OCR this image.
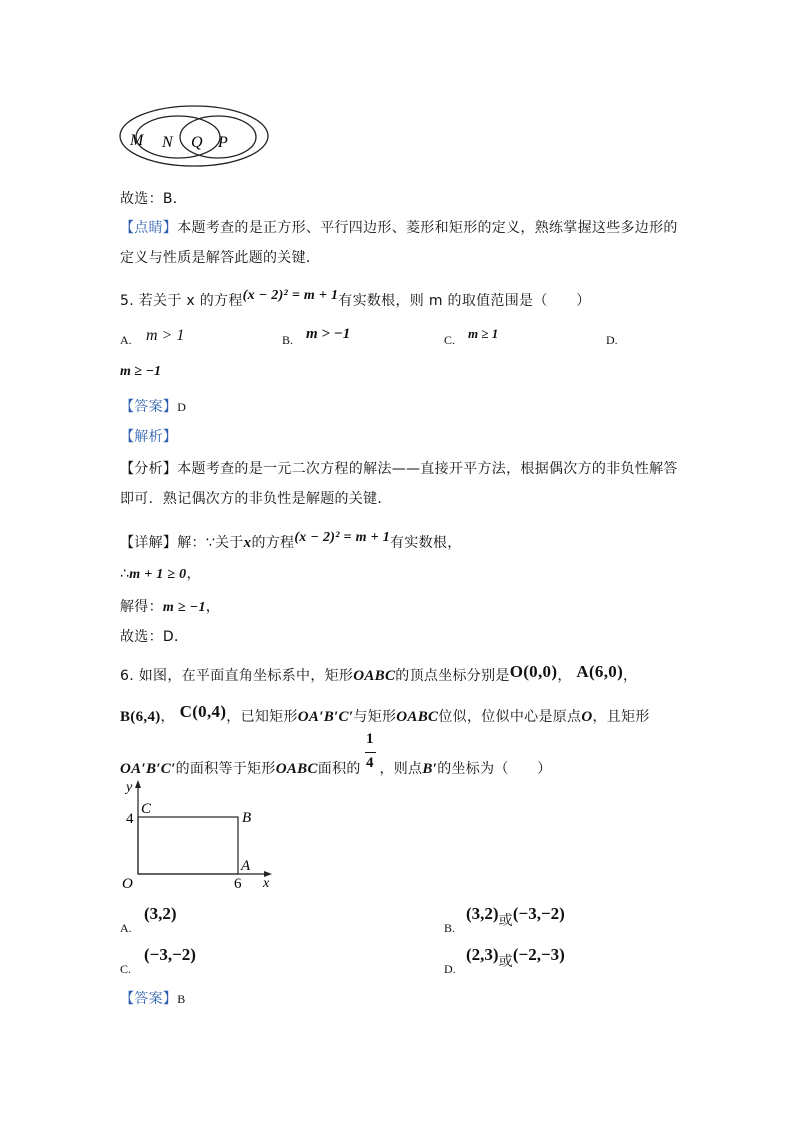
M N Q P
故选：B．
【点睛】本题考查的是正方形、平行四边形、菱形和矩形的定义，熟练掌握这些多边形的
定义与性质是解答此题的关键．
5. 若关于 x 的方程(x − 2)² = m + 1有实数根，则 m 的取值范围是（　　）
A. m > 1	B. m > −1	C. m ≥ 1	D.
m ≥ −1
【答案】D
【解析】
【分析】本题考查的是一元二次方程的解法——直接开平方法，根据偶次方的非负性解答
即可．熟记偶次方的非负性是解题的关键．
【详解】解：∵关于x的方程(x − 2)² = m + 1有实数根，
∴m + 1 ≥ 0，
解得：m ≥ −1，
故选：D．
6. 如图，在平面直角坐标系中，矩形OABC的顶点坐标分别是O(0,0)， A(6,0)，
B(6,4)， C(0,4)，已知矩形OA′B′C′与矩形OABC位似，位似中心是原点O，且矩形
OA′B′C′的面积等于矩形OABC面积的 ，则点B′的坐标为（　　）
1
4
y
x
O
C
B
A
4
6
A.
(3,2)
B.
(3,2)或(−3,−2)
C.
(−3,−2)
D.
(2,3)或(−2,−3)
【答案】B
